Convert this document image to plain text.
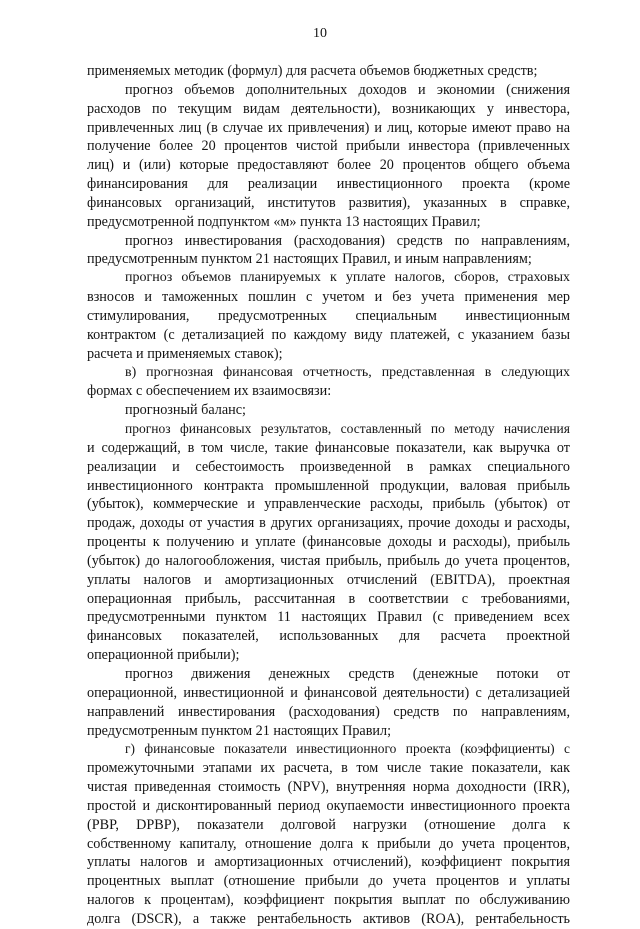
10
применяемых методик (формул) для расчета объемов бюджетных средств;
прогноз объемов дополнительных доходов и экономии (снижения
расходов по текущим видам деятельности), возникающих у инвестора,
привлеченных лиц (в случае их привлечения) и лиц, которые имеют право на
получение более 20 процентов чистой прибыли инвестора (привлеченных
лиц) и (или) которые предоставляют более 20 процентов общего объема
финансирования для реализации инвестиционного проекта (кроме
финансовых организаций, институтов развития), указанных в справке,
предусмотренной подпунктом «м» пункта 13 настоящих Правил;
прогноз инвестирования (расходования) средств по направлениям,
предусмотренным пунктом 21 настоящих Правил, и иным направлениям;
прогноз объемов планируемых к уплате налогов, сборов, страховых
взносов и таможенных пошлин с учетом и без учета применения мер
стимулирования, предусмотренных специальным инвестиционным
контрактом (с детализацией по каждому виду платежей, с указанием базы
расчета и применяемых ставок);
в) прогнозная финансовая отчетность, представленная в следующих
формах с обеспечением их взаимосвязи:
прогнозный баланс;
прогноз финансовых результатов, составленный по методу начисления
и содержащий, в том числе, такие финансовые показатели, как выручка от
реализации и себестоимость произведенной в рамках специального
инвестиционного контракта промышленной продукции, валовая прибыль
(убыток), коммерческие и управленческие расходы, прибыль (убыток) от
продаж, доходы от участия в других организациях, прочие доходы и расходы,
проценты к получению и уплате (финансовые доходы и расходы), прибыль
(убыток) до налогообложения, чистая прибыль, прибыль до учета процентов,
уплаты налогов и амортизационных отчислений (EBITDA), проектная
операционная прибыль, рассчитанная в соответствии с требованиями,
предусмотренными пунктом 11 настоящих Правил (с приведением всех
финансовых показателей, использованных для расчета проектной
операционной прибыли);
прогноз движения денежных средств (денежные потоки от
операционной, инвестиционной и финансовой деятельности) с детализацией
направлений инвестирования (расходования) средств по направлениям,
предусмотренным пунктом 21 настоящих Правил;
г) финансовые показатели инвестиционного проекта (коэффициенты) с
промежуточными этапами их расчета, в том числе такие показатели, как
чистая приведенная стоимость (NPV), внутренняя норма доходности (IRR),
простой и дисконтированный период окупаемости инвестиционного проекта
(PBP, DPBP), показатели долговой нагрузки (отношение долга к
собственному капиталу, отношение долга к прибыли до учета процентов,
уплаты налогов и амортизационных отчислений), коэффициент покрытия
процентных выплат (отношение прибыли до учета процентов и уплаты
налогов к процентам), коэффициент покрытия выплат по обслуживанию
долга (DSCR), а также рентабельность активов (ROA), рентабельность
